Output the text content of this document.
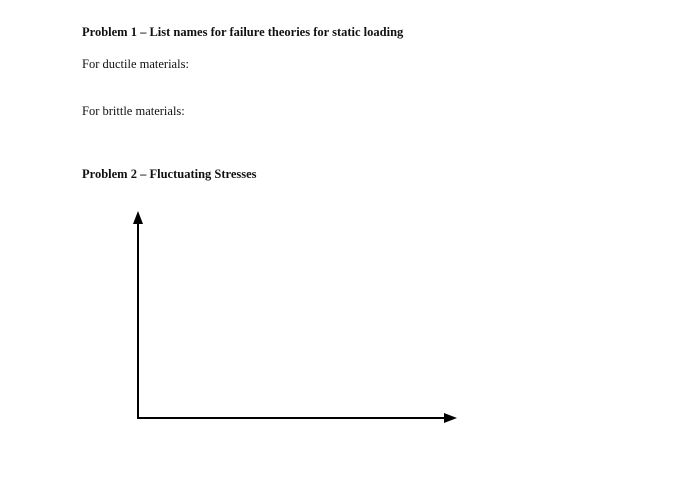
Problem 1 – List names for failure theories for static loading
For ductile materials:
For brittle materials:
Problem 2 – Fluctuating Stresses
